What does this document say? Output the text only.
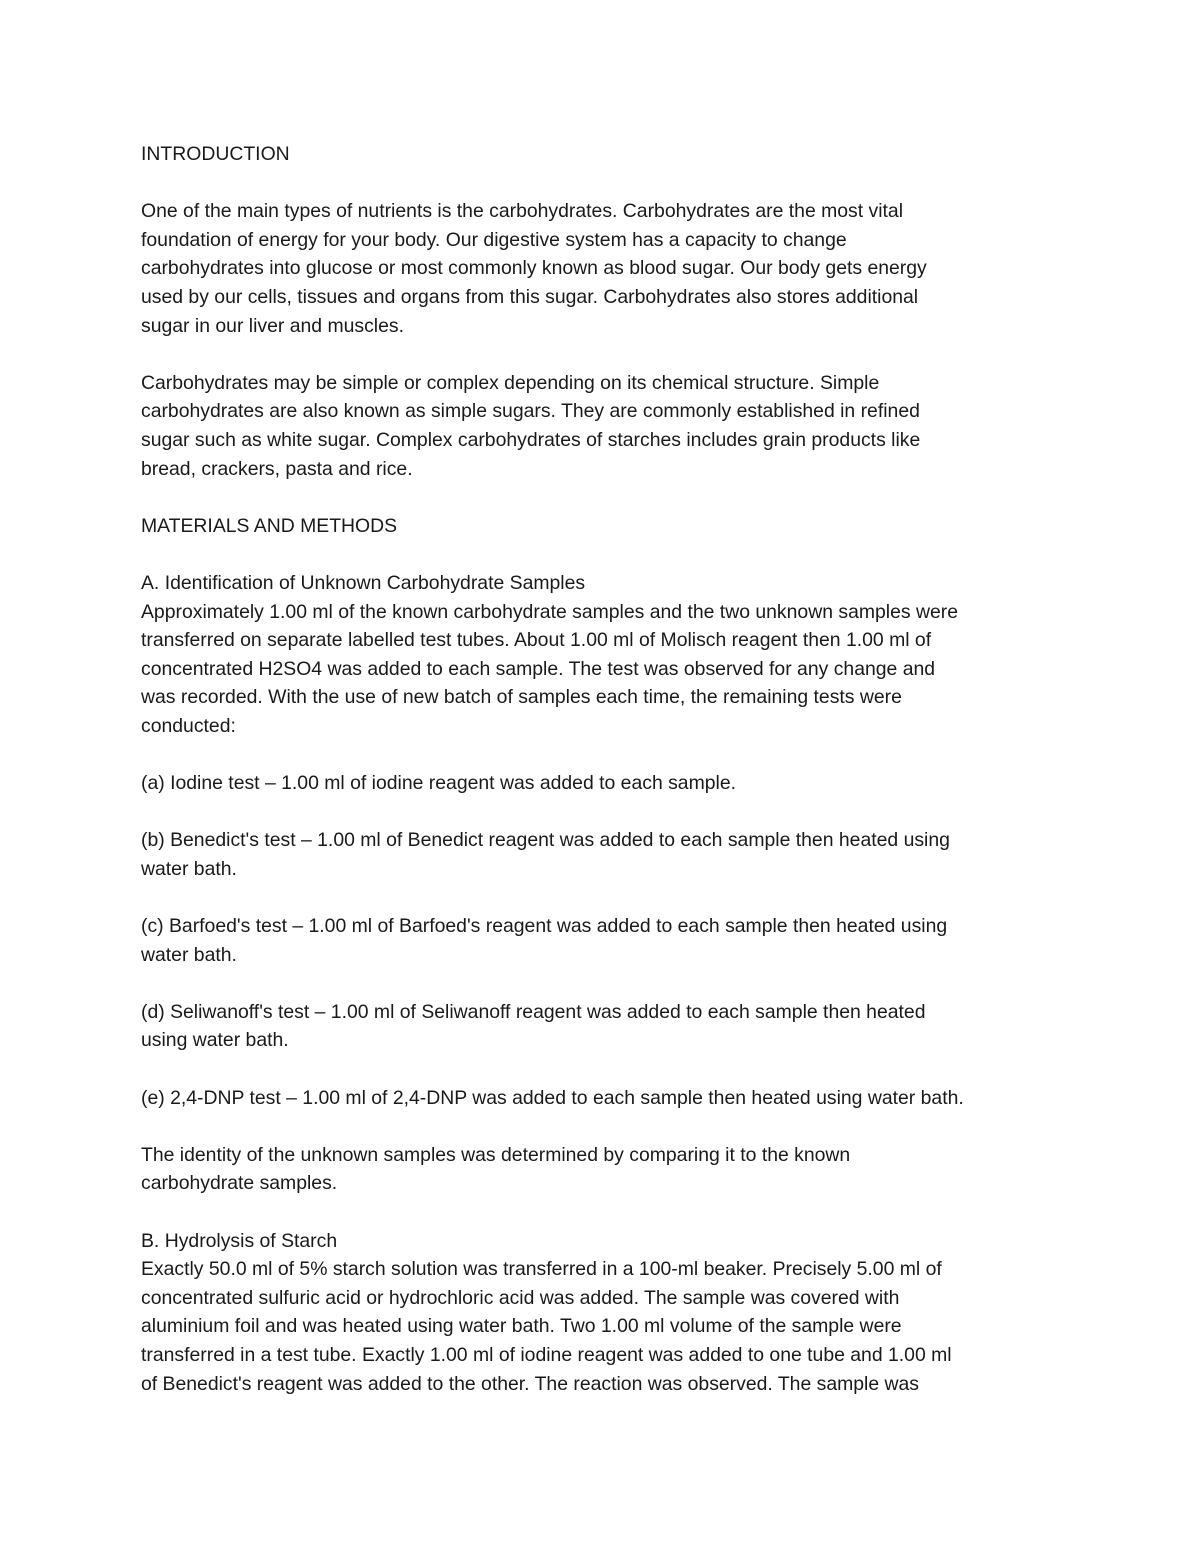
INTRODUCTION

One of the main types of nutrients is the carbohydrates. Carbohydrates are the most vital
foundation of energy for your body. Our digestive system has a capacity to change
carbohydrates into glucose or most commonly known as blood sugar. Our body gets energy
used by our cells, tissues and organs from this sugar. Carbohydrates also stores additional
sugar in our liver and muscles.

Carbohydrates may be simple or complex depending on its chemical structure. Simple
carbohydrates are also known as simple sugars. They are commonly established in refined
sugar such as white sugar. Complex carbohydrates of starches includes grain products like
bread, crackers, pasta and rice.

MATERIALS AND METHODS

A. Identification of Unknown Carbohydrate Samples

Approximately 1.00 ml of the known carbohydrate samples and the two unknown samples were
transferred on separate labelled test tubes. About 1.00 ml of Molisch reagent then 1.00 ml of
concentrated H2SO4 was added to each sample. The test was observed for any change and
was recorded. With the use of new batch of samples each time, the remaining tests were
conducted:

(a) Iodine test – 1.00 ml of iodine reagent was added to each sample.

(b) Benedict's test – 1.00 ml of Benedict reagent was added to each sample then heated using
water bath.

(c) Barfoed's test – 1.00 ml of Barfoed's reagent was added to each sample then heated using
water bath.

(d) Seliwanoff's test – 1.00 ml of Seliwanoff reagent was added to each sample then heated
using water bath.

(e) 2,4-DNP test – 1.00 ml of 2,4-DNP was added to each sample then heated using water bath.

The identity of the unknown samples was determined by comparing it to the known
carbohydrate samples.

B. Hydrolysis of Starch

Exactly 50.0 ml of 5% starch solution was transferred in a 100-ml beaker. Precisely 5.00 ml of
concentrated sulfuric acid or hydrochloric acid was added. The sample was covered with
aluminium foil and was heated using water bath. Two 1.00 ml volume of the sample were
transferred in a test tube. Exactly 1.00 ml of iodine reagent was added to one tube and 1.00 ml
of Benedict's reagent was added to the other. The reaction was observed. The sample was
